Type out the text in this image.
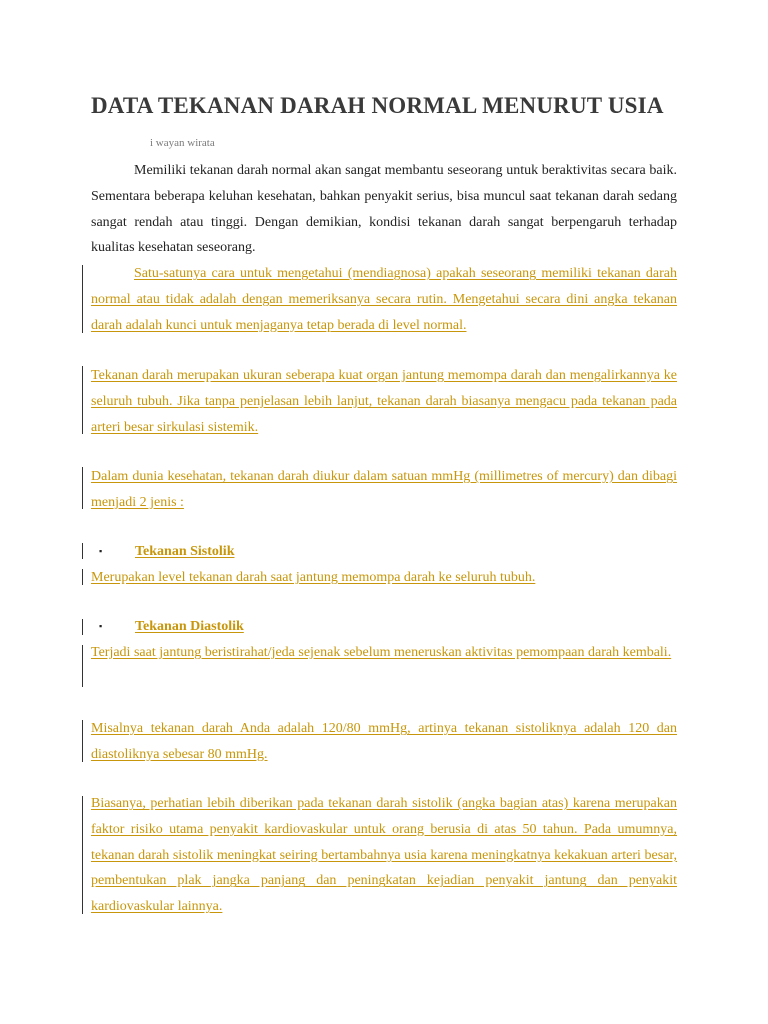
DATA TEKANAN DARAH NORMAL MENURUT USIA
i wayan wirata

Memiliki tekanan darah normal akan sangat membantu seseorang untuk beraktivitas secara baik. Sementara beberapa keluhan kesehatan, bahkan penyakit serius, bisa muncul saat tekanan darah sedang sangat rendah atau tinggi. Dengan demikian, kondisi tekanan darah sangat berpengaruh terhadap kualitas kesehatan seseorang.

Satu-satunya cara untuk mengetahui (mendiagnosa) apakah seseorang memiliki tekanan darah normal atau tidak adalah dengan memeriksanya secara rutin. Mengetahui secara dini angka tekanan darah adalah kunci untuk menjaganya tetap berada di level normal.

Tekanan darah merupakan ukuran seberapa kuat organ jantung memompa darah dan mengalirkannya ke seluruh tubuh. Jika tanpa penjelasan lebih lanjut, tekanan darah biasanya mengacu pada tekanan pada arteri besar sirkulasi sistemik.

Dalam dunia kesehatan, tekanan darah diukur dalam satuan mmHg (millimetres of mercury) dan dibagi menjadi 2 jenis :

▪ Tekanan Sistolik

Merupakan level tekanan darah saat jantung memompa darah ke seluruh tubuh.

▪ Tekanan Diastolik

Terjadi saat jantung beristirahat/jeda sejenak sebelum meneruskan aktivitas pemompaan darah kembali.

Misalnya tekanan darah Anda adalah 120/80 mmHg, artinya tekanan sistoliknya adalah 120 dan diastoliknya sebesar 80 mmHg.

Biasanya, perhatian lebih diberikan pada tekanan darah sistolik (angka bagian atas) karena merupakan faktor risiko utama penyakit kardiovaskular untuk orang berusia di atas 50 tahun. Pada umumnya, tekanan darah sistolik meningkat seiring bertambahnya usia karena meningkatnya kekakuan arteri besar, pembentukan plak jangka panjang dan peningkatan kejadian penyakit jantung dan penyakit kardiovaskular lainnya.
